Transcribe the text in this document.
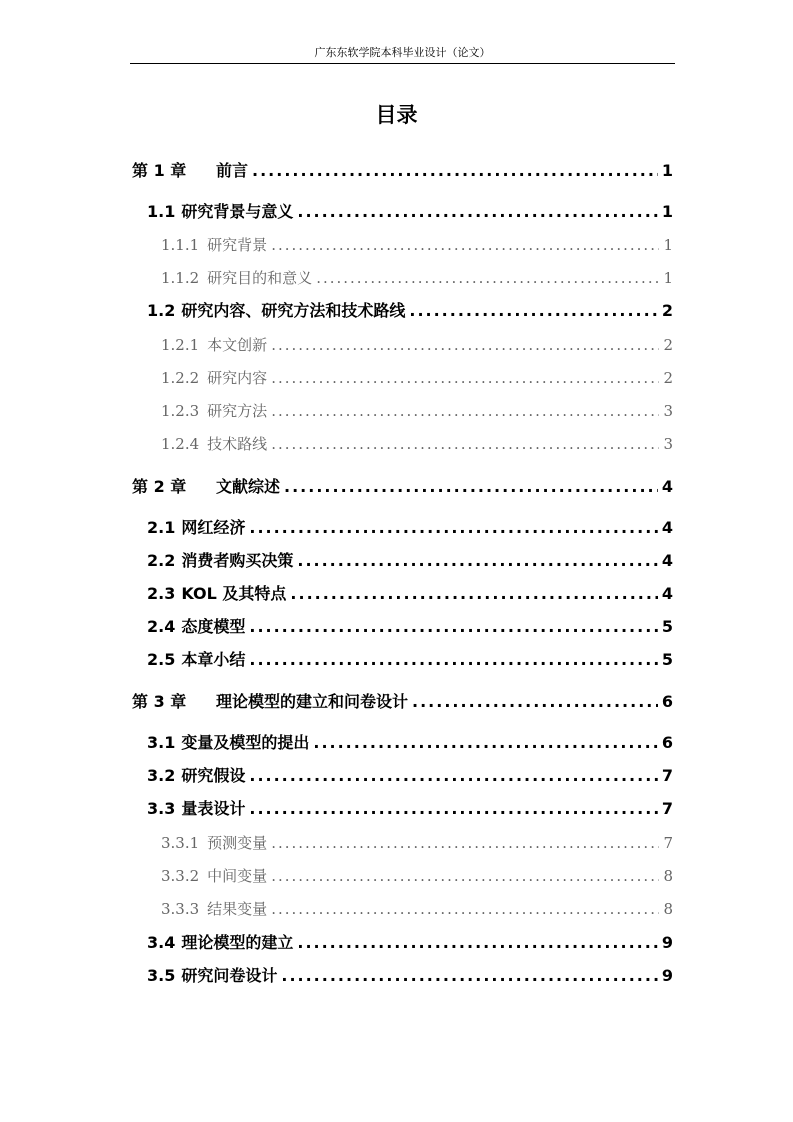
广东东软学院本科毕业设计（论文）
目录
第 1 章	前言 .....	1
1.1 研究背景与意义 .....	1
1.1.1 研究背景 .....	1
1.1.2 研究目的和意义 .....	1
1.2 研究内容、研究方法和技术路线 .....	2
1.2.1 本文创新 .....	2
1.2.2 研究内容 .....	2
1.2.3 研究方法 .....	3
1.2.4 技术路线 .....	3
第 2 章	文献综述 .....	4
2.1 网红经济 .....	4
2.2 消费者购买决策 .....	4
2.3 KOL 及其特点 .....	4
2.4 态度模型 .....	5
2.5 本章小结 .....	5
第 3 章	理论模型的建立和问卷设计 .....	6
3.1 变量及模型的提出 .....	6
3.2 研究假设 .....	7
3.3 量表设计 .....	7
3.3.1 预测变量 .....	7
3.3.2 中间变量 .....	8
3.3.3 结果变量 .....	8
3.4 理论模型的建立 .....	9
3.5 研究问卷设计 .....	9
